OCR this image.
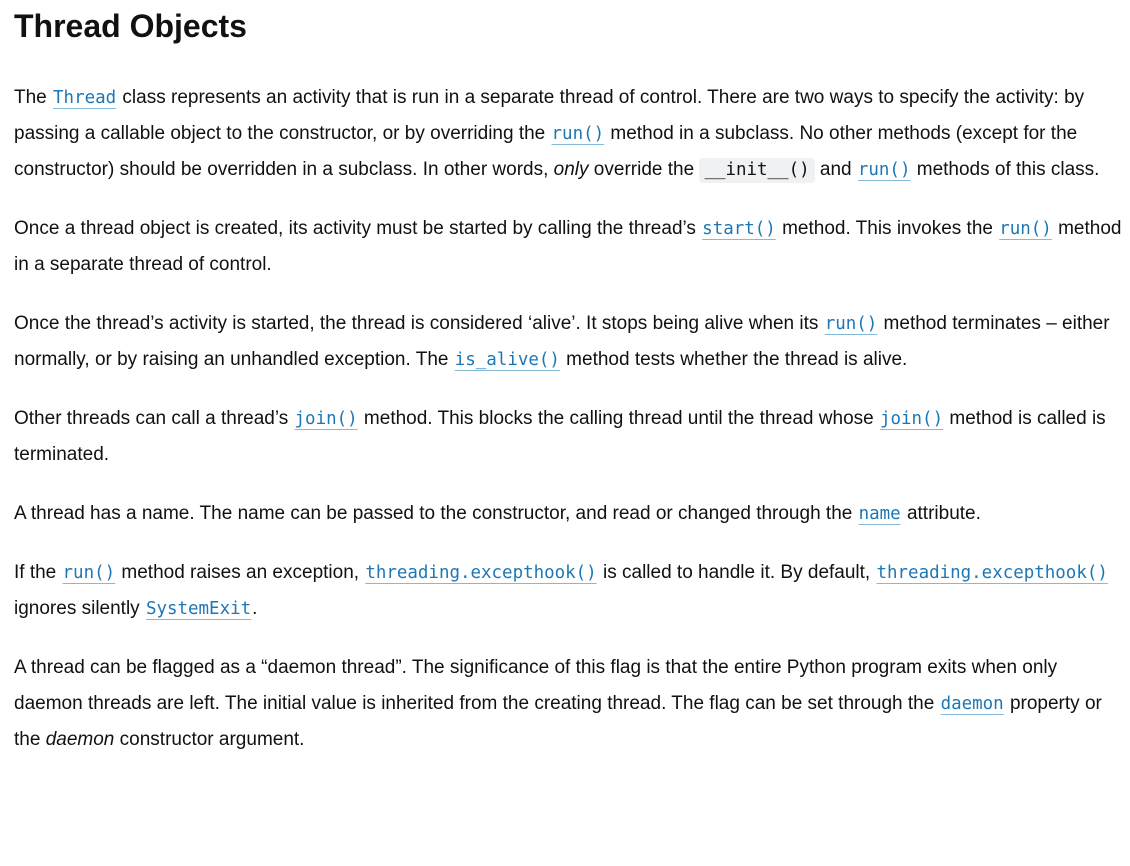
Thread Objects

The Thread class represents an activity that is run in a separate thread of control. There are two ways to specify the activity: by passing a callable object to the constructor, or by overriding the run() method in a subclass. No other methods (except for the constructor) should be overridden in a subclass. In other words, only override the __init__() and run() methods of this class.

Once a thread object is created, its activity must be started by calling the thread’s start() method. This invokes the run() method in a separate thread of control.

Once the thread’s activity is started, the thread is considered ‘alive’. It stops being alive when its run() method terminates – either normally, or by raising an unhandled exception. The is_alive() method tests whether the thread is alive.

Other threads can call a thread’s join() method. This blocks the calling thread until the thread whose join() method is called is terminated.

A thread has a name. The name can be passed to the constructor, and read or changed through the name attribute.

If the run() method raises an exception, threading.excepthook() is called to handle it. By default, threading.excepthook() ignores silently SystemExit.

A thread can be flagged as a “daemon thread”. The significance of this flag is that the entire Python program exits when only daemon threads are left. The initial value is inherited from the creating thread. The flag can be set through the daemon property or the daemon constructor argument.
